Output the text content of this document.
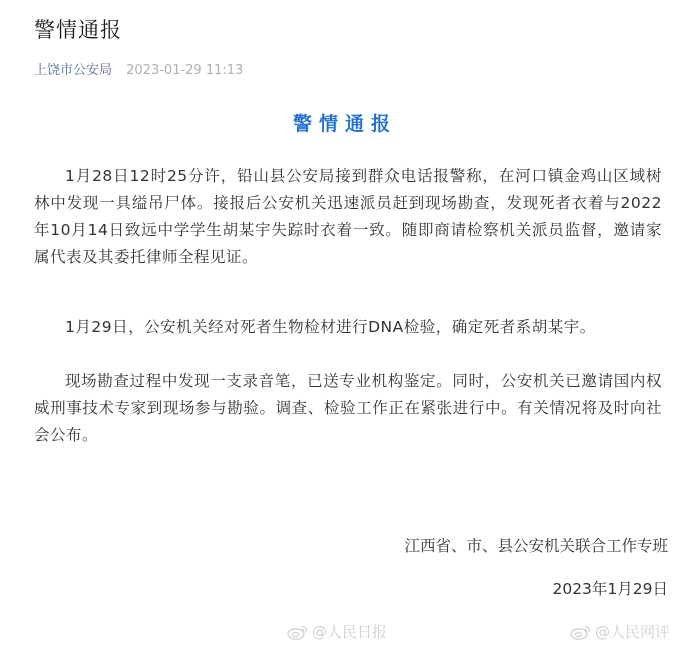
警情通报
上饶市公安局 2023-01-29 11:13
警情通报

1月28日12时25分许，铅山县公安局接到群众电话报警称，在河口镇金鸡山区域树林中发现一具缢吊尸体。接报后公安机关迅速派员赶到现场勘查，发现死者衣着与2022年10月14日致远中学学生胡某宇失踪时衣着一致。随即商请检察机关派员监督，邀请家属代表及其委托律师全程见证。

1月29日，公安机关经对死者生物检材进行DNA检验，确定死者系胡某宇。

现场勘查过程中发现一支录音笔，已送专业机构鉴定。同时，公安机关已邀请国内权威刑事技术专家到现场参与勘验。调查、检验工作正在紧张进行中。有关情况将及时向社会公布。

江西省、市、县公安机关联合工作专班
2023年1月29日
@人民日报	@人民网评
